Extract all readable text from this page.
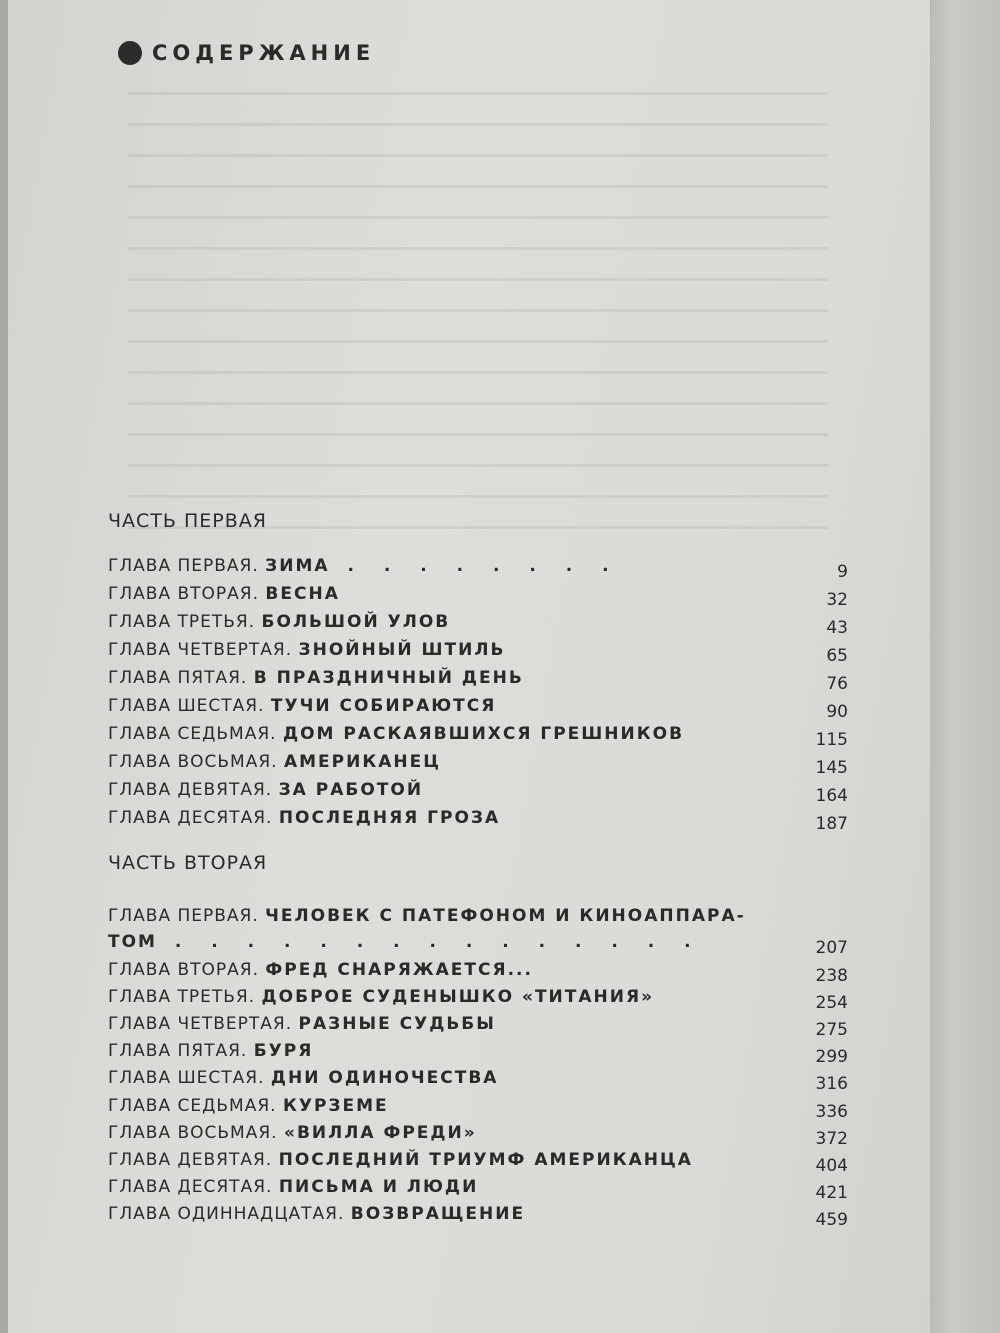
СОДЕРЖАНИЕ
ЧАСТЬ ПЕРВАЯ
ГЛАВА ПЕРВАЯ. ЗИМА . . . . . . . .	9
ГЛАВА ВТОРАЯ. ВЕСНА	32
ГЛАВА ТРЕТЬЯ. БОЛЬШОЙ УЛОВ	43
ГЛАВА ЧЕТВЕРТАЯ. ЗНОЙНЫЙ ШТИЛЬ	65
ГЛАВА ПЯТАЯ. В ПРАЗДНИЧНЫЙ ДЕНЬ	76
ГЛАВА ШЕСТАЯ. ТУЧИ СОБИРАЮТСЯ	90
ГЛАВА СЕДЬМАЯ. ДОМ РАСКАЯВШИХСЯ ГРЕШНИКОВ	115
ГЛАВА ВОСЬМАЯ. АМЕРИКАНЕЦ	145
ГЛАВА ДЕВЯТАЯ. ЗА РАБОТОЙ	164
ГЛАВА ДЕСЯТАЯ. ПОСЛЕДНЯЯ ГРОЗА	187
ЧАСТЬ ВТОРАЯ
ГЛАВА ПЕРВАЯ. ЧЕЛОВЕК С ПАТЕФОНОМ И КИНОАППАРА-
ТОМ . . . . . . . . . . . . . . .	207
ГЛАВА ВТОРАЯ. ФРЕД СНАРЯЖАЕТСЯ...	238
ГЛАВА ТРЕТЬЯ. ДОБРОЕ СУДЕНЫШКО «ТИТАНИЯ»	254
ГЛАВА ЧЕТВЕРТАЯ. РАЗНЫЕ СУДЬБЫ	275
ГЛАВА ПЯТАЯ. БУРЯ	299
ГЛАВА ШЕСТАЯ. ДНИ ОДИНОЧЕСТВА	316
ГЛАВА СЕДЬМАЯ. КУРЗЕМЕ	336
ГЛАВА ВОСЬМАЯ. «ВИЛЛА ФРЕДИ»	372
ГЛАВА ДЕВЯТАЯ. ПОСЛЕДНИЙ ТРИУМФ АМЕРИКАНЦА	404
ГЛАВА ДЕСЯТАЯ. ПИСЬМА И ЛЮДИ	421
ГЛАВА ОДИННАДЦАТАЯ. ВОЗВРАЩЕНИЕ	459
